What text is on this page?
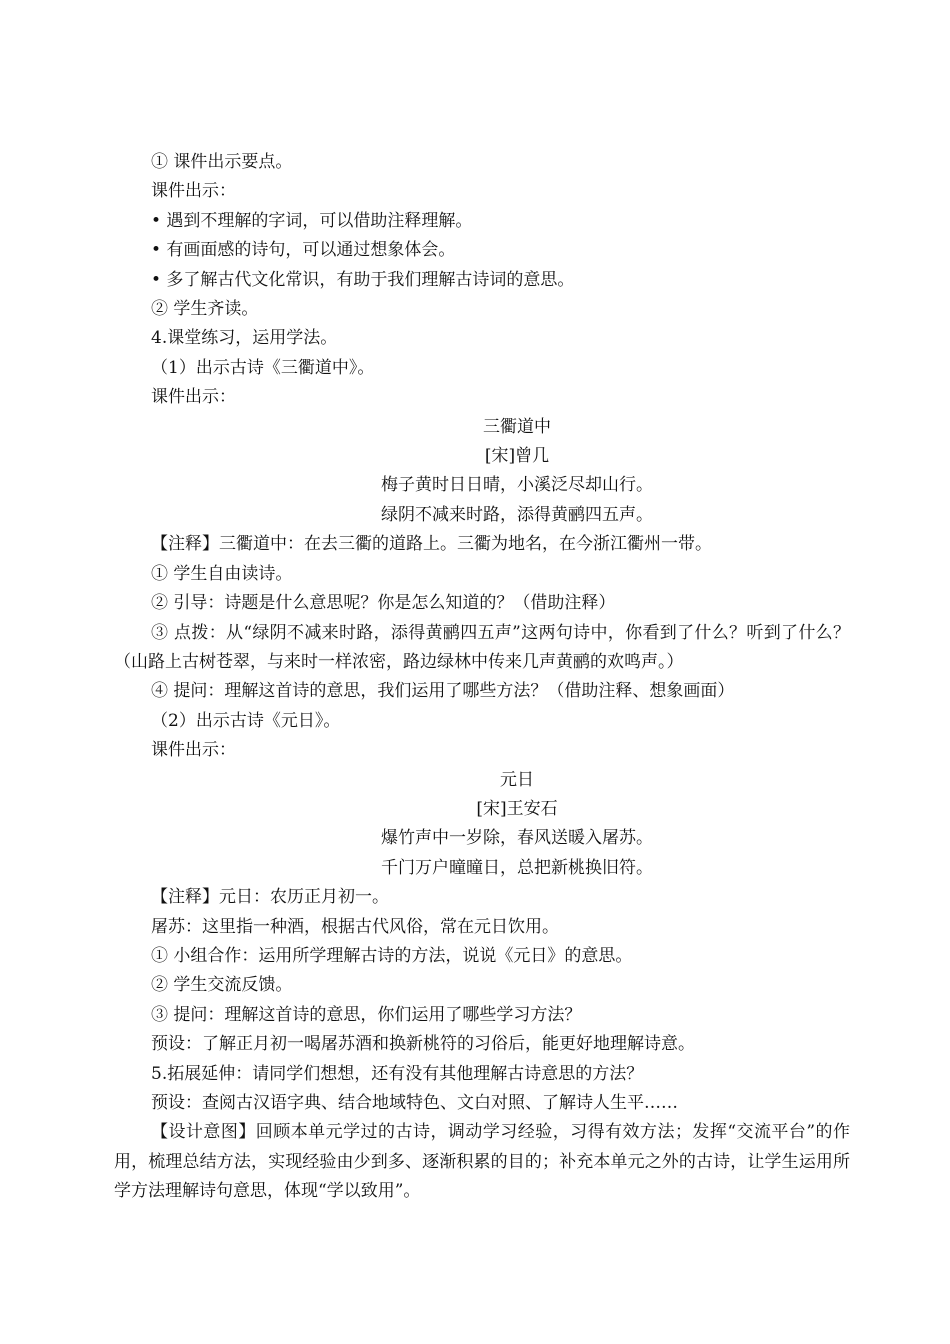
① 课件出示要点。

课件出示：

• 遇到不理解的字词，可以借助注释理解。

• 有画面感的诗句，可以通过想象体会。

• 多了解古代文化常识，有助于我们理解古诗词的意思。

② 学生齐读。

4.课堂练习，运用学法。

（1）出示古诗《三衢道中》。

课件出示：

三衢道中

[宋]曾几

梅子黄时日日晴，小溪泛尽却山行。

绿阴不减来时路，添得黄鹂四五声。

【注释】三衢道中：在去三衢的道路上。三衢为地名，在今浙江衢州一带。

① 学生自由读诗。

② 引导：诗题是什么意思呢？你是怎么知道的？（借助注释）

③ 点拨：从“绿阴不减来时路，添得黄鹂四五声”这两句诗中，你看到了什么？听到了什么？（山路上古树苍翠，与来时一样浓密，路边绿林中传来几声黄鹂的欢鸣声。）

④ 提问：理解这首诗的意思，我们运用了哪些方法？（借助注释、想象画面）

（2）出示古诗《元日》。

课件出示：

元日

[宋]王安石

爆竹声中一岁除，春风送暖入屠苏。

千门万户曈曈日，总把新桃换旧符。

【注释】元日：农历正月初一。

屠苏：这里指一种酒，根据古代风俗，常在元日饮用。

① 小组合作：运用所学理解古诗的方法，说说《元日》的意思。

② 学生交流反馈。

③ 提问：理解这首诗的意思，你们运用了哪些学习方法？

预设：了解正月初一喝屠苏酒和换新桃符的习俗后，能更好地理解诗意。

5.拓展延伸：请同学们想想，还有没有其他理解古诗意思的方法？

预设：查阅古汉语字典、结合地域特色、文白对照、了解诗人生平……

【设计意图】回顾本单元学过的古诗，调动学习经验，习得有效方法；发挥“交流平台”的作用，梳理总结方法，实现经验由少到多、逐渐积累的目的；补充本单元之外的古诗，让学生运用所学方法理解诗句意思，体现“学以致用”。
